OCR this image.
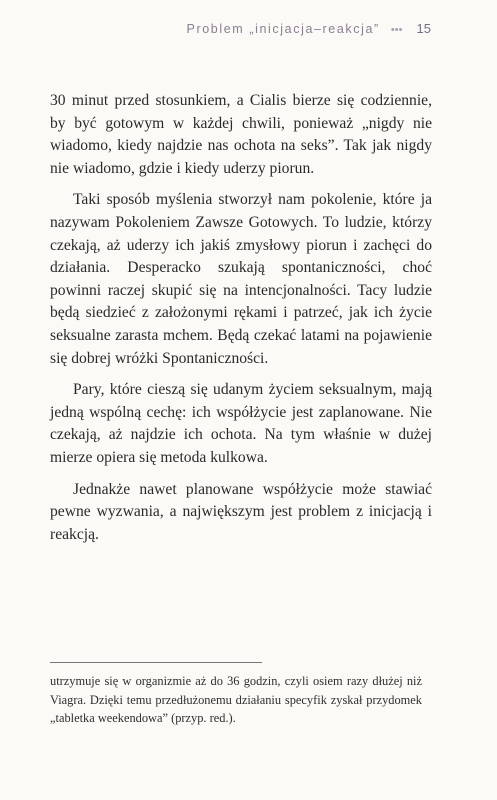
Problem „inicjacja–reakcja” ••• 15

30 minut przed stosunkiem, a Cialis bierze się codziennie, by być gotowym w każdej chwili, ponieważ „nigdy nie wiadomo, kiedy najdzie nas ochota na seks”. Tak jak nigdy nie wiadomo, gdzie i kiedy uderzy piorun.

Taki sposób myślenia stworzył nam pokolenie, które ja nazywam Pokoleniem Zawsze Gotowych. To ludzie, którzy czekają, aż uderzy ich jakiś zmysłowy piorun i zachęci do działania. Desperacko szukają spontaniczności, choć powinni raczej skupić się na intencjonalności. Tacy ludzie będą siedzieć z założonymi rękami i patrzeć, jak ich życie seksualne zarasta mchem. Będą czekać latami na pojawienie się dobrej wróżki Spontaniczności.

Pary, które cieszą się udanym życiem seksualnym, mają jedną wspólną cechę: ich współżycie jest zaplanowane. Nie czekają, aż najdzie ich ochota. Na tym właśnie w dużej mierze opiera się metoda kulkowa.

Jednakże nawet planowane współżycie może stawiać pewne wyzwania, a największym jest problem z inicjacją i reakcją.

utrzymuje się w organizmie aż do 36 godzin, czyli osiem razy dłużej niż Viagra. Dzięki temu przedłużonemu działaniu specyfik zyskał przydomek „tabletka weekendowa” (przyp. red.).
